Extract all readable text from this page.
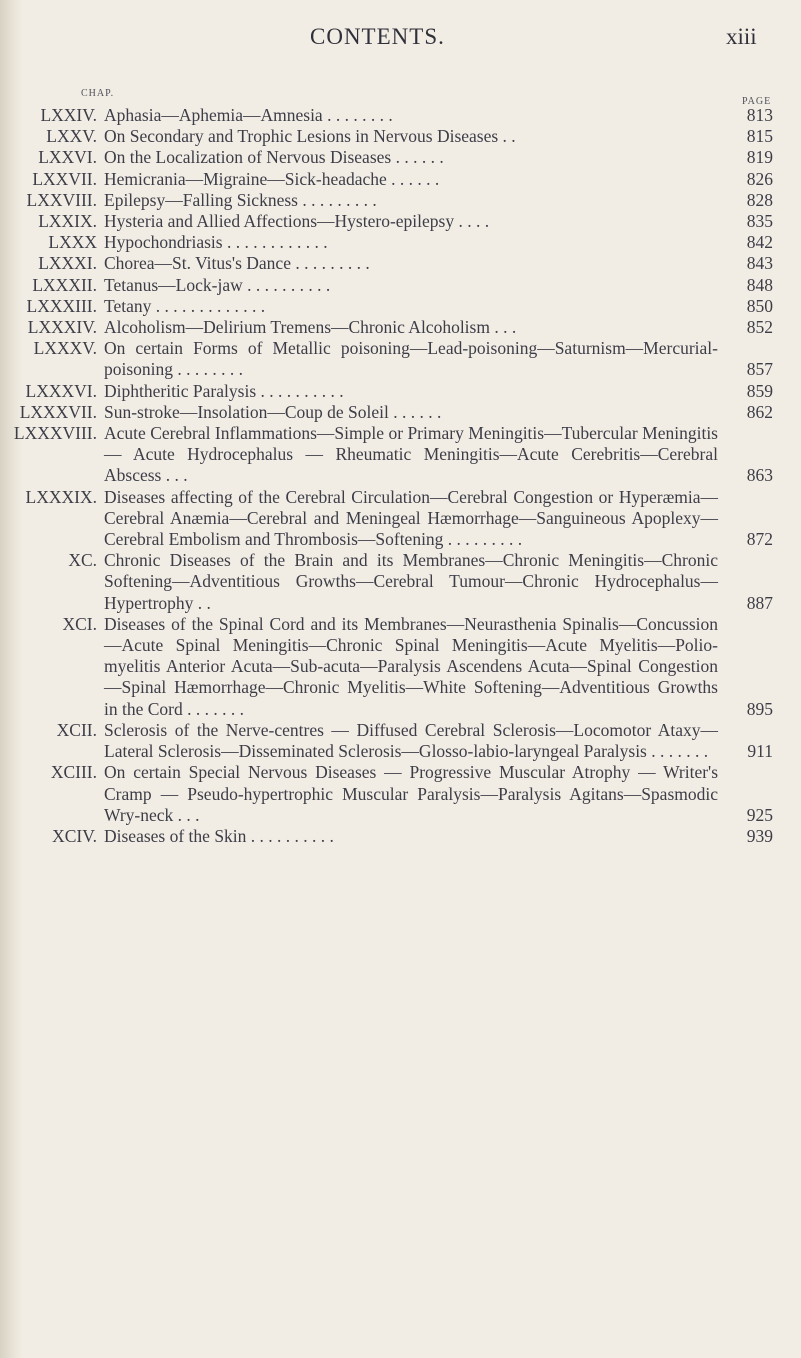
CONTENTS.	xiii
CHAP.
PAGE
LXXIV. Aphasia—Aphemia—Amnesia . . . . . . . .	813
LXXV. On Secondary and Trophic Lesions in Nervous Diseases . .	815
LXXVI. On the Localization of Nervous Diseases . . . . . .	819
LXXVII. Hemicrania—Migraine—Sick-headache . . . . . .	826
LXXVIII. Epilepsy—Falling Sickness . . . . . . . . .	828
LXXIX. Hysteria and Allied Affections—Hystero-epilepsy . . . .	835
LXXX Hypochondriasis . . . . . . . . . . . .	842
LXXXI. Chorea—St. Vitus's Dance . . . . . . . . .	843
LXXXII. Tetanus—Lock-jaw . . . . . . . . . .	848
LXXXIII. Tetany . . . . . . . . . . . . .	850
LXXXIV. Alcoholism—Delirium Tremens—Chronic Alcoholism . . .	852
LXXXV. On certain Forms of Metallic poisoning—Lead-poisoning—Saturnism—Mercurial-poisoning . . . . . . . .	857
LXXXVI. Diphtheritic Paralysis . . . . . . . . . .	859
LXXXVII. Sun-stroke—Insolation—Coup de Soleil . . . . . .	862
LXXXVIII. Acute Cerebral Inflammations—Simple or Primary Meningitis—Tubercular Meningitis — Acute Hydrocephalus — Rheumatic Meningitis—Acute Cerebritis—Cerebral Abscess . . .	863
LXXXIX. Diseases affecting of the Cerebral Circulation—Cerebral Congestion or Hyperæmia—Cerebral Anæmia—Cerebral and Meningeal Hæmorrhage—Sanguineous Apoplexy—Cerebral Embolism and Thrombosis—Softening . . . . . . . . .	872
XC. Chronic Diseases of the Brain and its Membranes—Chronic Meningitis—Chronic Softening—Adventitious Growths—Cerebral Tumour—Chronic Hydrocephalus—Hypertrophy . .	887
XCI. Diseases of the Spinal Cord and its Membranes—Neurasthenia Spinalis—Concussion—Acute Spinal Meningitis—Chronic Spinal Meningitis—Acute Myelitis—Polio-myelitis Anterior Acuta—Sub-acuta—Paralysis Ascendens Acuta—Spinal Congestion—Spinal Hæmorrhage—Chronic Myelitis—White Softening—Adventitious Growths in the Cord . . . . . . .	895
XCII. Sclerosis of the Nerve-centres — Diffused Cerebral Sclerosis—Locomotor Ataxy—Lateral Sclerosis—Disseminated Sclerosis—Glosso-labio-laryngeal Paralysis . . . . . . .	911
XCIII. On certain Special Nervous Diseases — Progressive Muscular Atrophy — Writer's Cramp — Pseudo-hypertrophic Muscular Paralysis—Paralysis Agitans—Spasmodic Wry-neck . . .	925
XCIV. Diseases of the Skin . . . . . . . . . .	939
